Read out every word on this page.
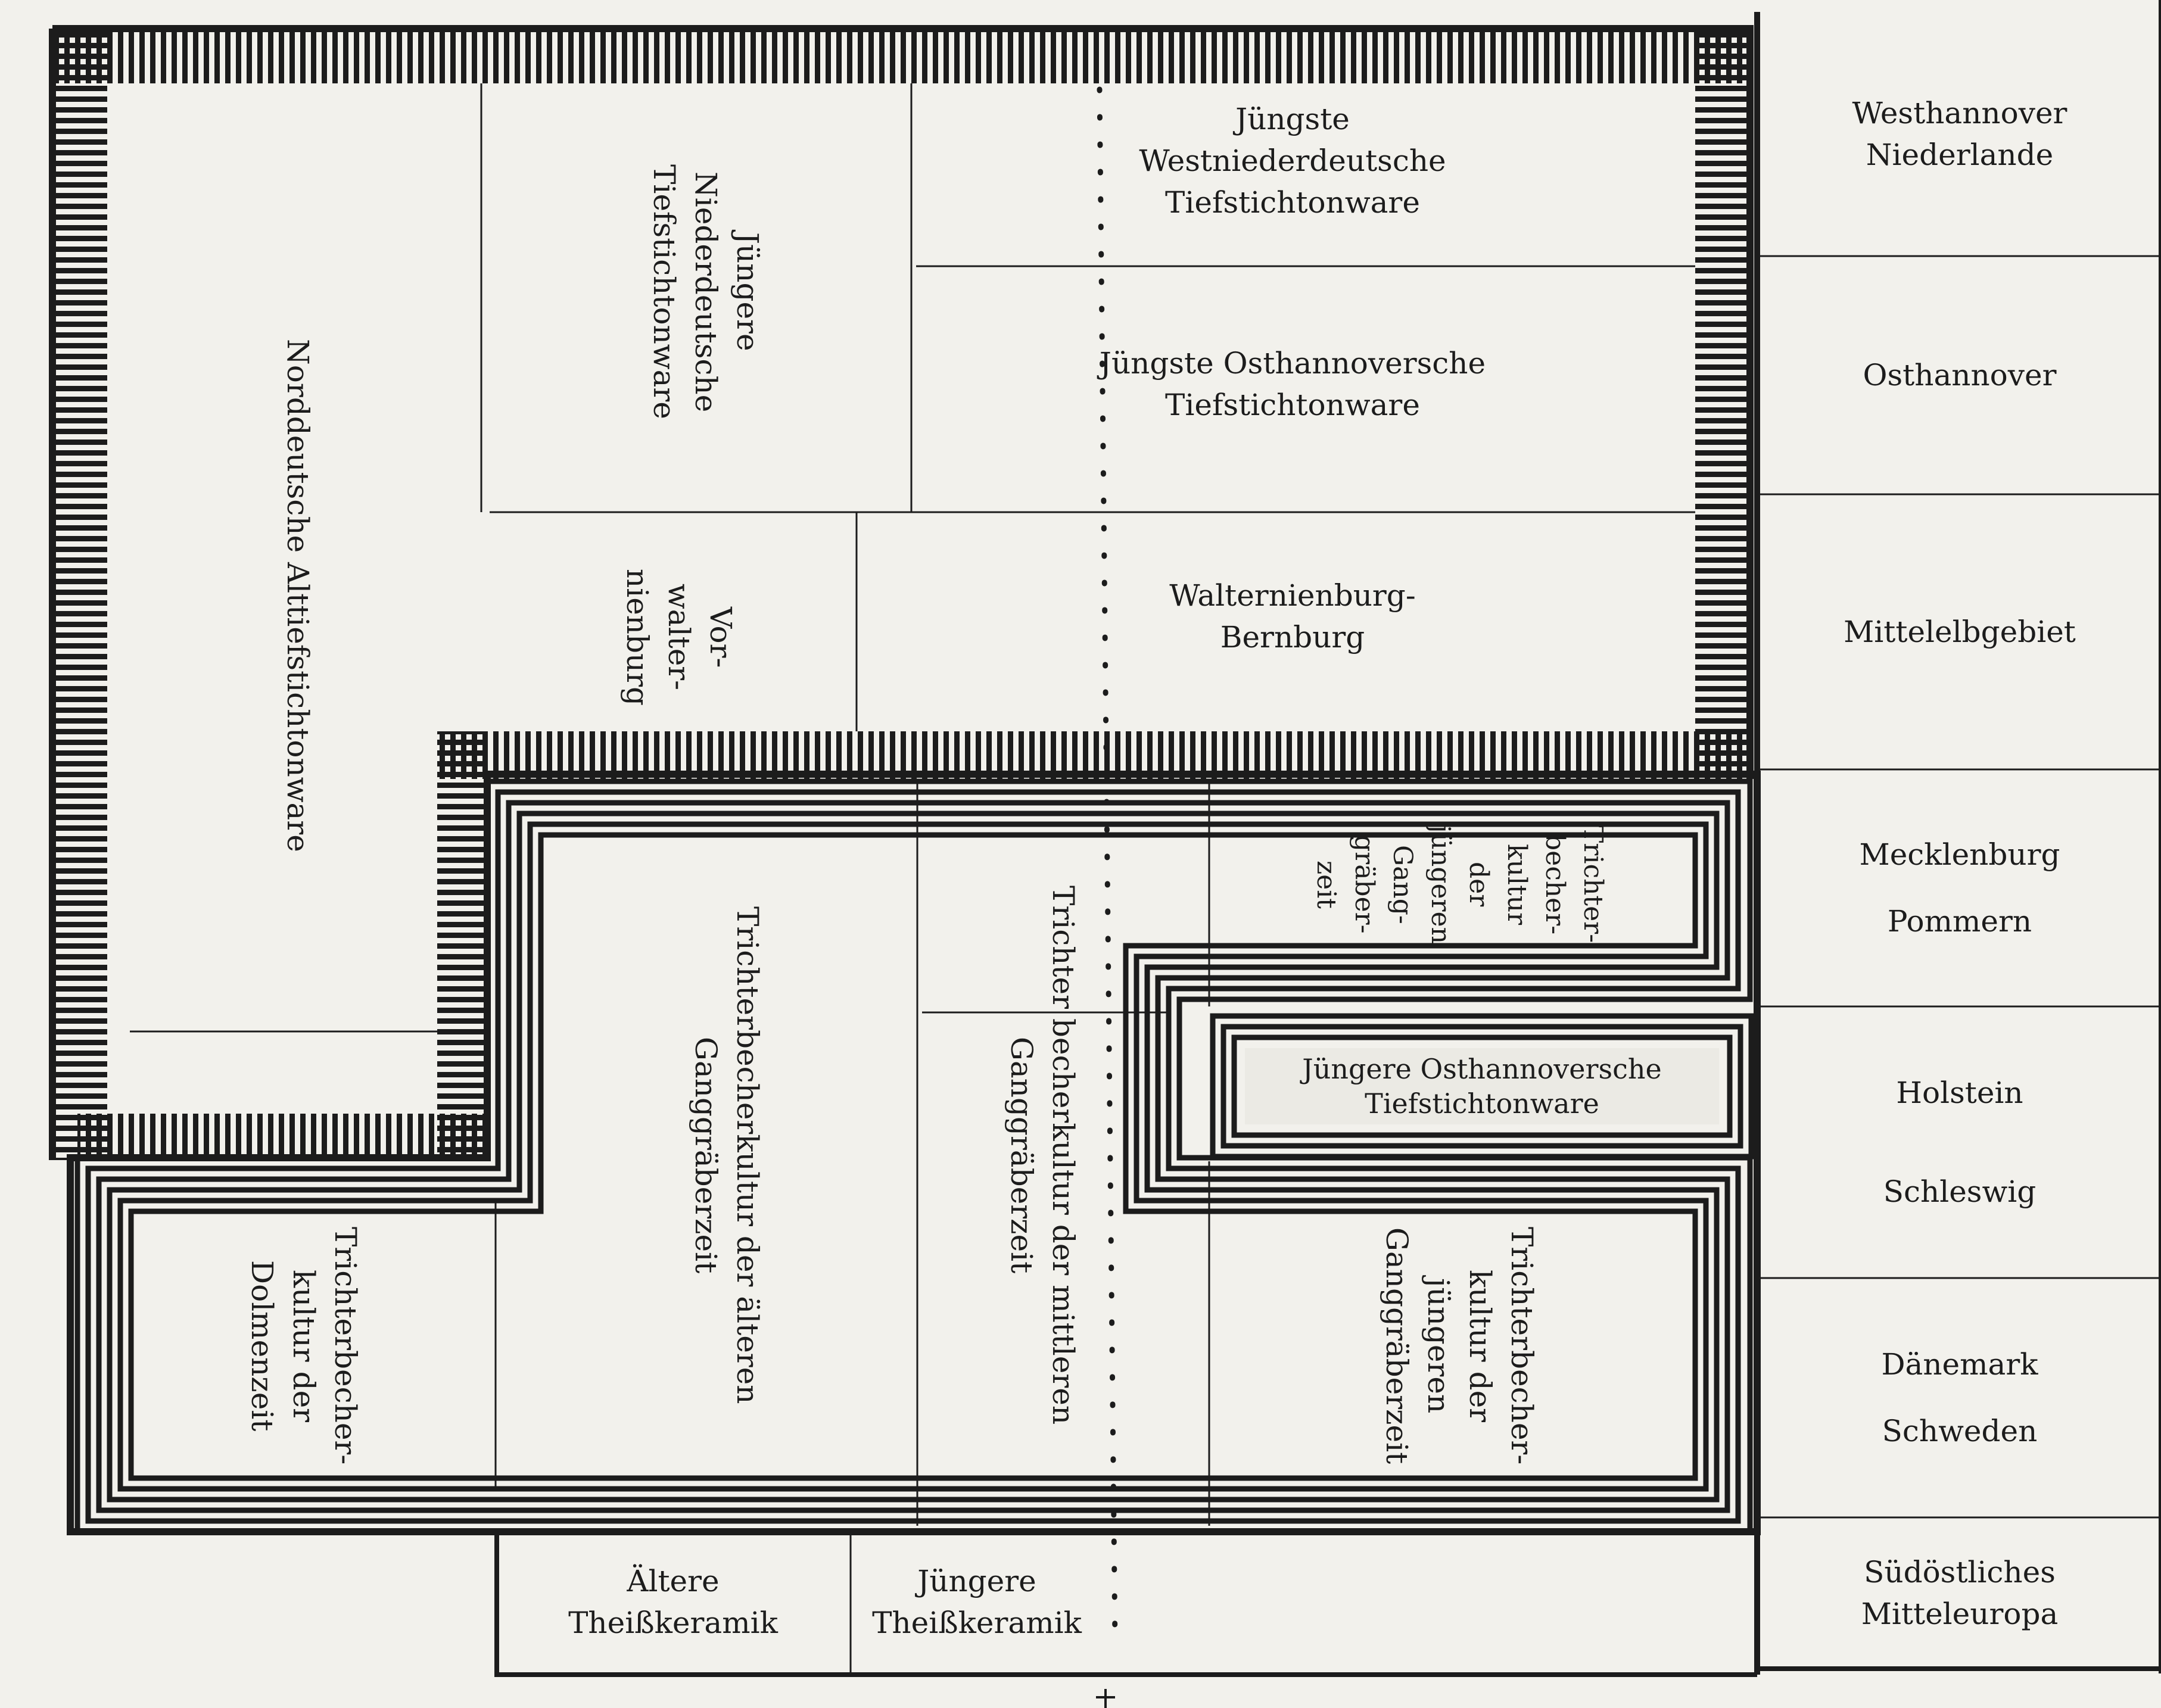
Westhannover
Niederlande
Osthannover
Mittelelbgebiet
Mecklenburg
Pommern
Holstein
Schleswig
Dänemark
Schweden
Südöstliches Mitteleuropa
Norddeutsche Alttiefstichtonware
Jüngere
Niederdeutsche
Tiefstichtonware
Jüngste Westniederdeutsche
Tiefstichtonware
Jüngste Osthannoversche
Tiefstichtonware
Vor-
walter-
nienburg	Walternienburg-
Bernburg
Trichterbecherkultur der älteren
Ganggräberzeit
Trichter becherkultur der mittleren
Ganggräberzeit
Trichter-
becher-
kultur
der
jüngeren
Gang-
gräber-
zeit
Jüngere Osthannoversche
Tiefstichtonware
Trichterbecher-
kultur der
Dolmenzeit	Trichterbecher-
kultur der
jüngeren
Ganggräberzeit
Ältere
Theißkeramik
Jüngere
Theißkeramik
